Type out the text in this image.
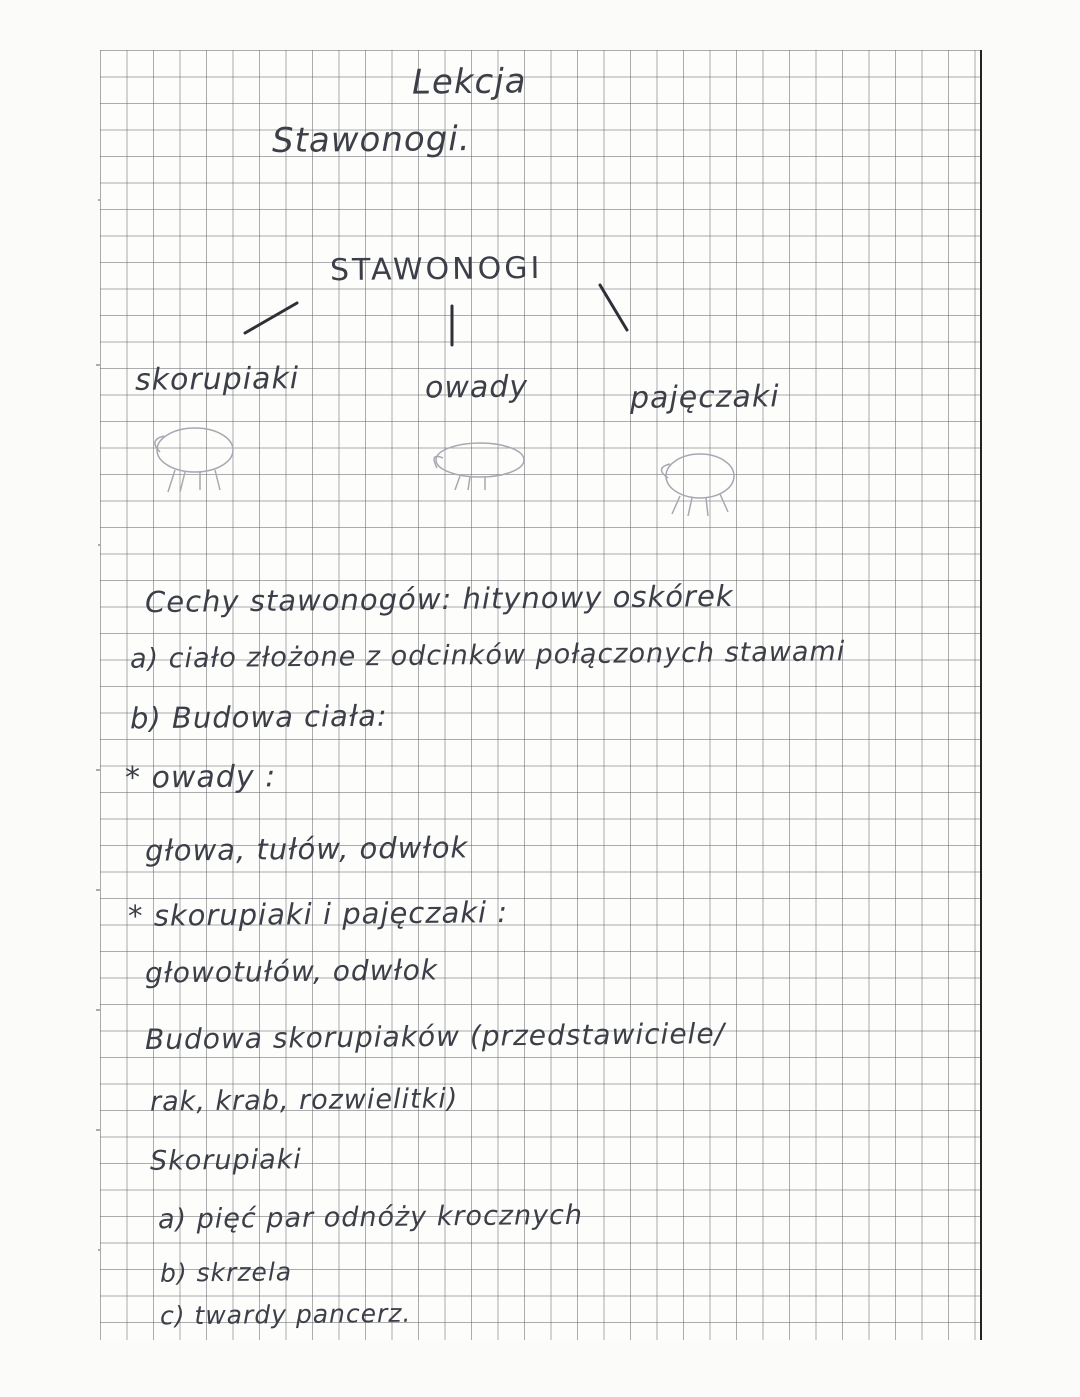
Lekcja
Stawonogi.
STAWONOGI
skorupiaki	owady	pajęczaki
Cechy stawonogów: hitynowy oskórek
a) ciało złożone z odcinków połączonych stawami
b) Budowa ciała:
* owady :
głowa, tułów, odwłok
* skorupiaki i pajęczaki :
głowotułów, odwłok
Budowa skorupiaków (przedstawiciele/
rak, krab, rozwielitki)
Skorupiaki
a) pięć par odnóży krocznych
b) skrzela
c) twardy pancerz.
